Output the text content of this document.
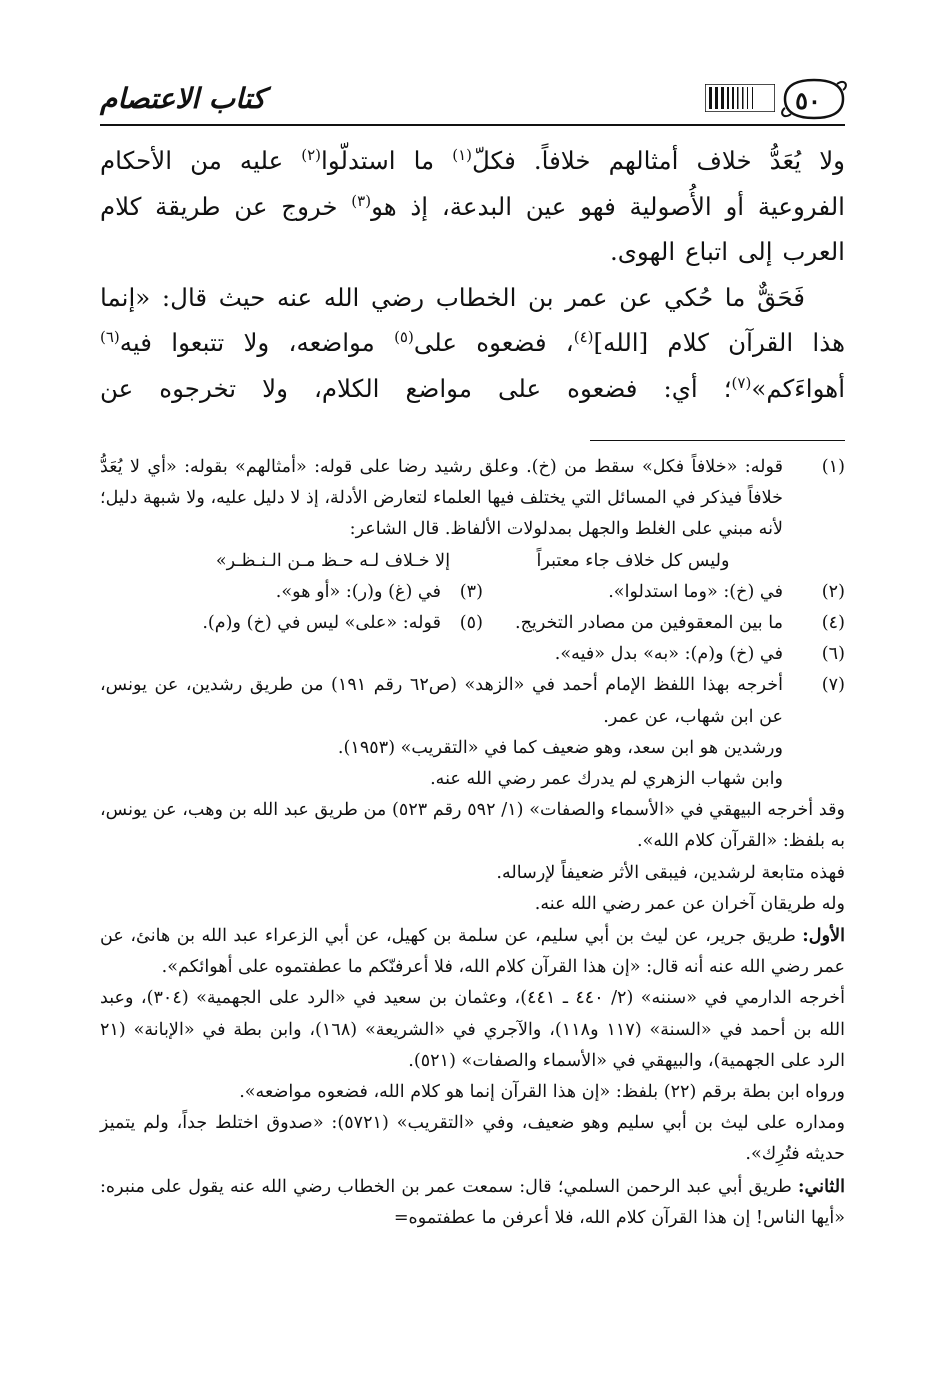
٥٠
كتاب الاعتصام

ولا يُعَدُّ خلاف أمثالهم خلافاً. فكلّ$^{(١)}$ ما استدلّوا$^{(٢)}$ عليه من الأحكام الفروعية أو الأُصولية فهو عين البدعة، إذ هو$^{(٣)}$ خروج عن طريقة كلام العرب إلى اتباع الهوى.

فَحَقٌّ ما حُكي عن عمر بن الخطاب رضي الله عنه حيث قال: «إنما هذا القرآن كلام [الله]$^{(٤)}$، فضعوه على$^{(٥)}$ مواضعه، ولا تتبعوا فيه$^{(٦)}$ أهواءَكم»$^{(٧)}$؛ أي: فضعوه على مواضع الكلام، ولا تخرجوه عن

(١)
قوله: «خلافاً فكل» سقط من (خ). وعلق رشيد رضا على قوله: «أمثالهم» بقوله: «أي لا يُعَدُّ خلافاً فيذكر في المسائل التي يختلف فيها العلماء لتعارض الأدلة، إذ لا دليل عليه، ولا شبهة دليل؛ لأنه مبني على الغلط والجهل بمدلولات الألفاظ. قال الشاعر:
وليس كل خلاف جاء معتبراً
إلا خـلاف لـه حـظ مـن الـنـظـر»
(٢)
في (خ): «وما استدلوا».
(٣)
في (غ) و(ر): «أو هو».
(٤)
ما بين المعقوفين من مصادر التخريج.
(٥)
قوله: «على» ليس في (خ) و(م).
(٦)
في (خ) و(م): «به» بدل «فيه».
(٧)
أخرجه بهذا اللفظ الإمام أحمد في «الزهد» (ص٦٢ رقم ١٩١) من طريق رشدين، عن يونس، عن ابن شهاب، عن عمر.
ورشدين هو ابن سعد، وهو ضعيف كما في «التقريب» (١٩٥٣).
وابن شهاب الزهري لم يدرك عمر رضي الله عنه.
وقد أخرجه البيهقي في «الأسماء والصفات» (١/ ٥٩٢ رقم ٥٢٣) من طريق عبد الله بن وهب، عن يونس، به بلفظ: «القرآن كلام الله».
فهذه متابعة لرشدين، فيبقى الأثر ضعيفاً لإرساله.
وله طريقان آخران عن عمر رضي الله عنه.
الأول: طريق جرير، عن ليث بن أبي سليم، عن سلمة بن كهيل، عن أبي الزعراء عبد الله بن هانئ، عن عمر رضي الله عنه أنه قال: «إن هذا القرآن كلام الله، فلا أعرفنّكم ما عطفتموه على أهوائكم».
أخرجه الدارمي في «سننه» (٢/ ٤٤٠ ـ ٤٤١)، وعثمان بن سعيد في «الرد على الجهمية» (٣٠٤)، وعبد الله بن أحمد في «السنة» (١١٧ و١١٨)، والآجري في «الشريعة» (١٦٨)، وابن بطة في «الإبانة» (٢١ الرد على الجهمية)، والبيهقي في «الأسماء والصفات» (٥٢١).
ورواه ابن بطة برقم (٢٢) بلفظ: «إن هذا القرآن إنما هو كلام الله، فضعوه مواضعه».
ومداره على ليث بن أبي سليم وهو ضعيف، وفي «التقريب» (٥٧٢١): «صدوق اختلط جداً، ولم يتميز حديثه فتُرِك».
الثاني: طريق أبي عبد الرحمن السلمي؛ قال: سمعت عمر بن الخطاب رضي الله عنه يقول على منبره: «أيها الناس! إن هذا القرآن كلام الله، فلا أعرفن ما عطفتموه=
